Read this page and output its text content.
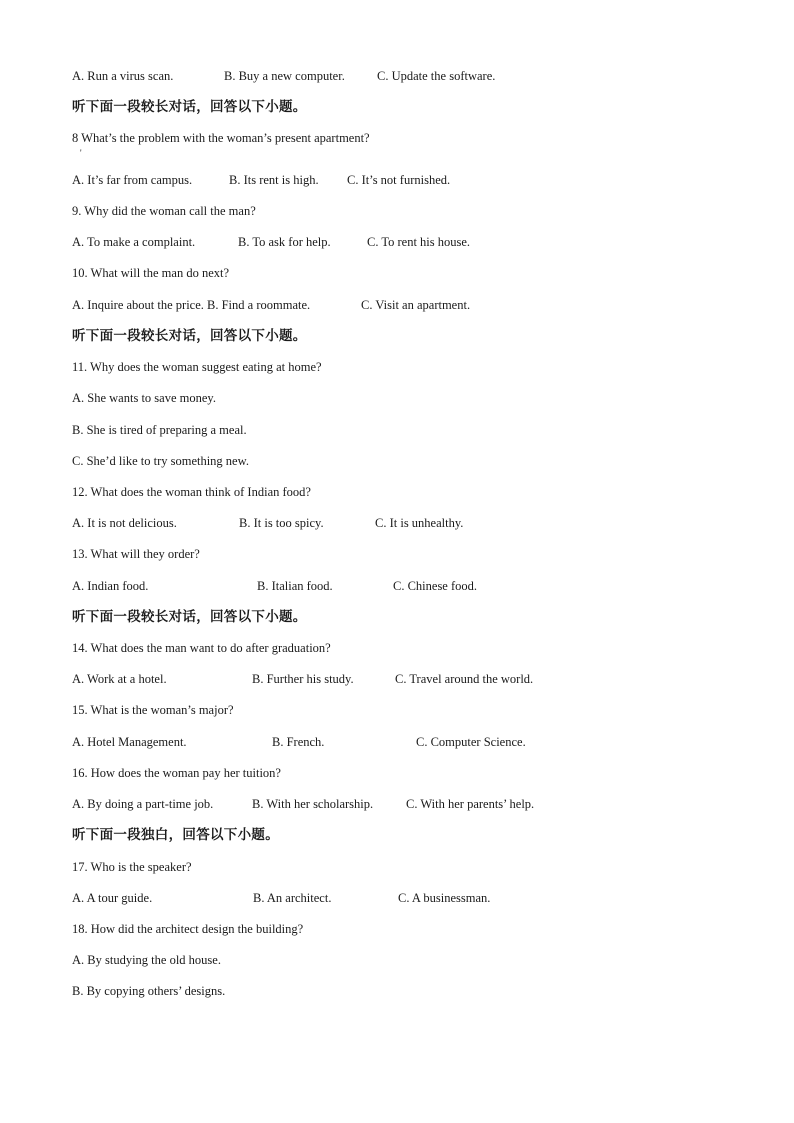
A. Run a virus scan.	B. Buy a new computer.	C. Update the software.
听下面一段较长对话，回答以下小题。
8 What’s the problem with the woman’s present apartment?
'
A. It’s far from campus.	B. Its rent is high. C. It’s not furnished.
9. Why did the woman call the man?
A. To make a complaint.	B. To ask for help.	C. To rent his house.
10. What will the man do next?
A. Inquire about the price. B. Find a roommate.	C. Visit an apartment.
听下面一段较长对话，回答以下小题。
11. Why does the woman suggest eating at home?
A. She wants to save money.
B. She is tired of preparing a meal.
C. She’d like to try something new.
12. What does the woman think of Indian food?
A. It is not delicious.	B. It is too spicy.	C. It is unhealthy.
13. What will they order?
A. Indian food.	B. Italian food.	C. Chinese food.
听下面一段较长对话，回答以下小题。
14. What does the man want to do after graduation?
A. Work at a hotel.	B. Further his study.	C. Travel around the world.
15. What is the woman’s major?
A. Hotel Management.	B. French.	C. Computer Science.
16. How does the woman pay her tuition?
A. By doing a part-time job.	B. With her scholarship.	C. With her parents’ help.
听下面一段独白，回答以下小题。
17. Who is the speaker?
A. A tour guide.	B. An architect.	C. A businessman.
18. How did the architect design the building?
A. By studying the old house.
B. By copying others’ designs.
